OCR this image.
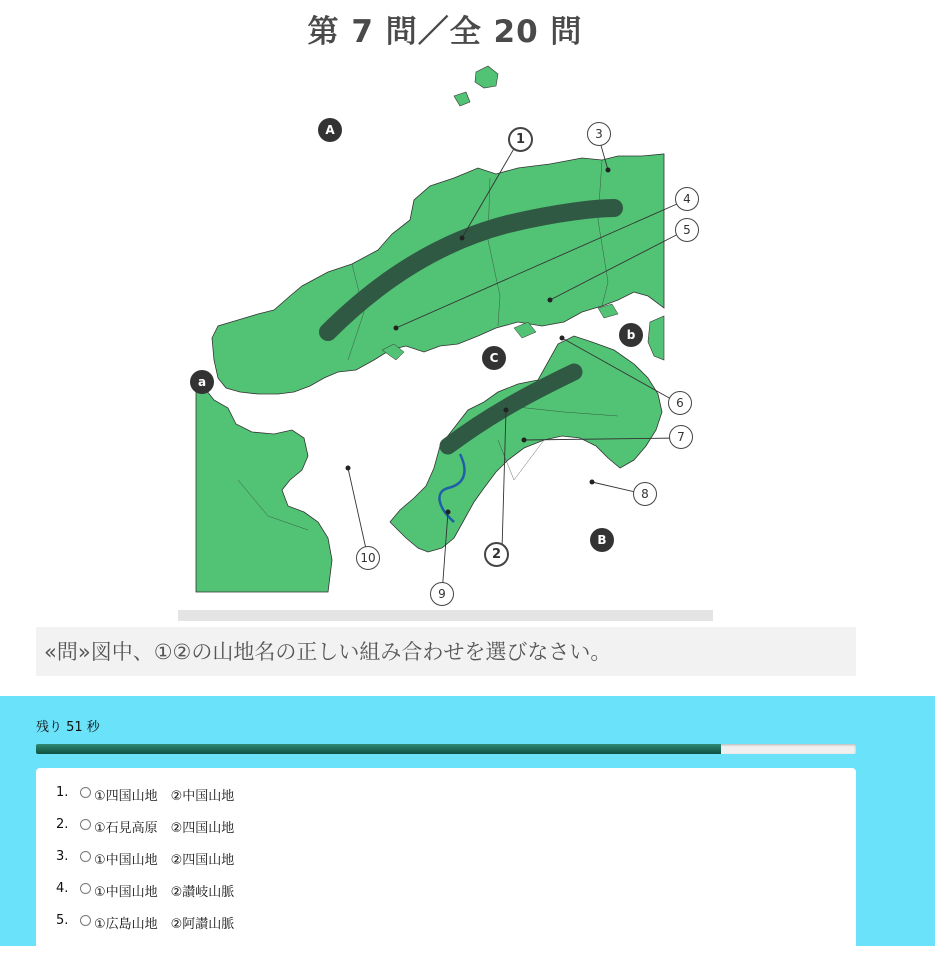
第 7 問／全 20 問
1
2
3
4
5
6
7
8
9
10
A
B
C
a
b
«問»図中、①②の山地名の正しい組み合わせを選びなさい。
残り 51 秒
1.	①四国山地　②中国山地
2.	①石見高原　②四国山地
3.	①中国山地　②四国山地
4.	①中国山地　②讃岐山脈
5.	①広島山地　②阿讃山脈
